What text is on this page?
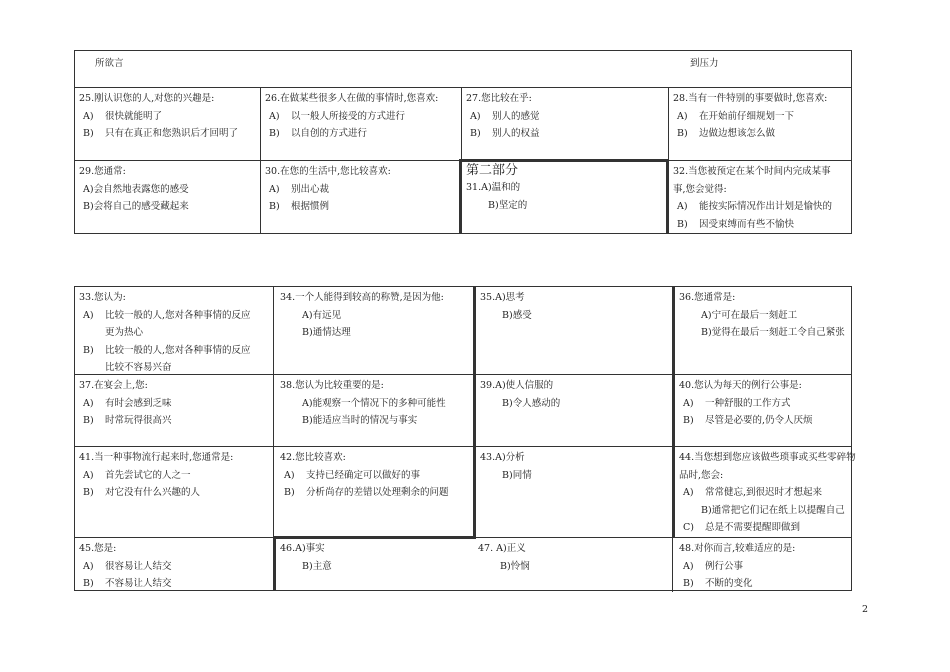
所欲言	到压力
25.刚认识您的人,对您的兴趣是:
A) 很快就能明了
B) 只有在真正和您熟识后才回明了
26.在做某些很多人在做的事情时,您喜欢:
A) 以一般人所接受的方式进行
B) 以自创的方式进行
27.您比较在乎:
A) 别人的感觉
B) 别人的权益
28.当有一件特别的事要做时,您喜欢:
A) 在开始前仔细规划一下
B) 边做边想该怎么做
29.您通常:
A)会自然地表露您的感受
B)会将自己的感受藏起来
30.在您的生活中,您比较喜欢:
A) 别出心裁
B) 根据惯例
第二部分
31.A)温和的
B)坚定的
32.当您被预定在某个时间内完成某事
事,您会觉得:
A) 能按实际情况作出计划是愉快的
B) 因受束缚而有些不愉快
33.您认为:
A) 比较一般的人,您对各种事情的反应
更为热心
B) 比较一般的人,您对各种事情的反应
比较不容易兴奋
34.一个人能得到较高的称赞,是因为他:
A)有远见
B)通情达理
35.A)思考
B)感受
36.您通常是:
A)宁可在最后一刻赶工
B)觉得在最后一刻赶工令自己紧张
37.在宴会上,您:
A) 有时会感到乏味
B) 时常玩得很高兴
38.您认为比较重要的是:
A)能观察一个情况下的多种可能性
B)能适应当时的情况与事实
39.A)使人信服的
B)令人感动的
40.您认为每天的例行公事是:
A) 一种舒服的工作方式
B) 尽管是必要的,仍令人厌烦
41.当一种事物流行起来时,您通常是:
A) 首先尝试它的人之一
B) 对它没有什么兴趣的人
42.您比较喜欢:
A) 支持已经确定可以做好的事
B) 分析尚存的差错以处理剩余的问题
43.A)分析
B)同情
44.当您想到您应该做些琐事或买些零碎物
品时,您会:
A) 常常健忘,到很迟时才想起来
B)通常把它们记在纸上以提醒自己
C) 总是不需要提醒即做到
45.您是:
A) 很容易让人结交
B) 不容易让人结交
46.A)事实
B)主意
47. A)正义
B)怜悯
48.对你而言,较难适应的是:
A) 例行公事
B) 不断的变化
2
